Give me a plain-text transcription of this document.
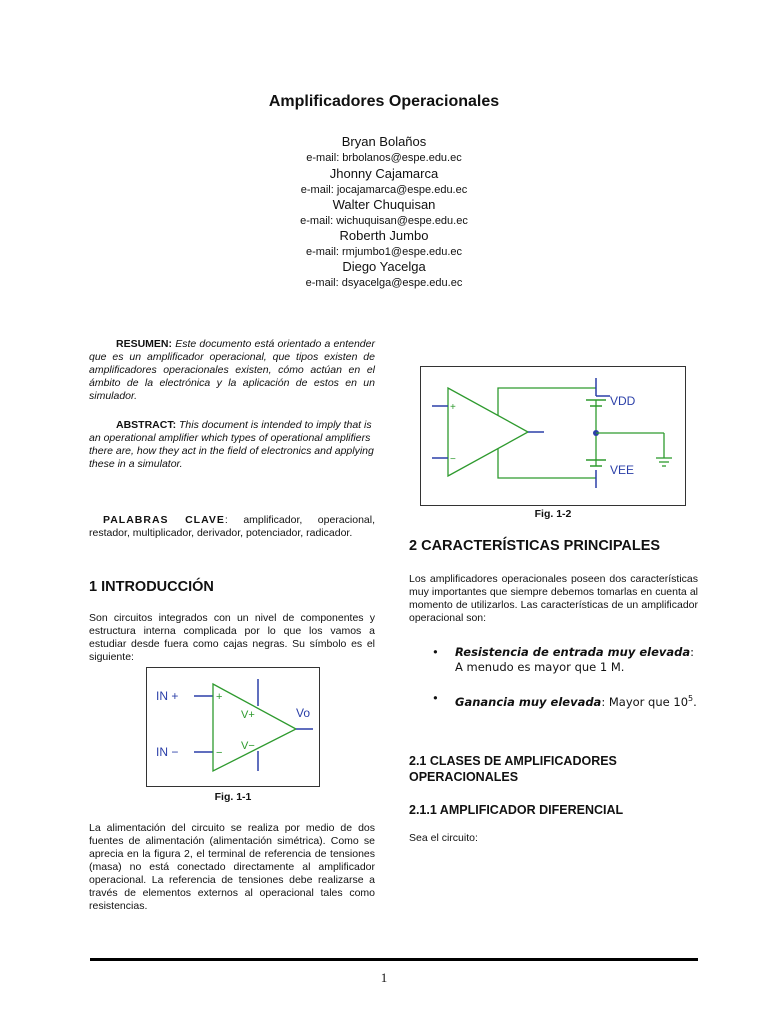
Amplificadores Operacionales
Bryan Bolaños
e-mail: brbolanos@espe.edu.ec
Jhonny Cajamarca
e-mail: jocajamarca@espe.edu.ec
Walter Chuquisan
e-mail: wichuquisan@espe.edu.ec
Roberth Jumbo
e-mail: rmjumbo1@espe.edu.ec
Diego Yacelga
e-mail: dsyacelga@espe.edu.ec
RESUMEN: Este documento está orientado a entender que es un amplificador operacional, que tipos existen de amplificadores operacionales existen, cómo actúan en el ámbito de la electrónica y la aplicación de estos en un simulador.
ABSTRACT: This document is intended to imply that is an operational amplifier which types of operational amplifiers there are, how they act in the field of electronics and applying these in a simulator.
PALABRAS CLAVE: amplificador, operacional, restador, multiplicador, derivador, potenciador, radicador.
1 INTRODUCCIÓN
Son circuitos integrados con un nivel de componentes y estructura interna complicada por lo que los vamos a estudiar desde fuera como cajas negras. Su símbolo es el siguiente:
IN +
IN −
+
−
V+
V−
Vo
Fig. 1-1
La alimentación del circuito se realiza por medio de dos fuentes de alimentación (alimentación simétrica). Como se aprecia en la figura 2, el terminal de referencia de tensiones (masa) no está conectado directamente al amplificador operacional. La referencia de tensiones debe realizarse a través de elementos externos al operacional tales como resistencias.
+
−
VDD
VEE
Fig. 1-2
2 CARACTERÍSTICAS PRINCIPALES
Los amplificadores operacionales poseen dos características muy importantes que siempre debemos tomarlas en cuenta al momento de utilizarlos. Las características de un amplificador operacional son:
• Resistencia de entrada muy elevada: A menudo es mayor que 1 M.
• Ganancia muy elevada: Mayor que $10^5$.
2.1 CLASES DE AMPLIFICADORES OPERACIONALES
2.1.1 AMPLIFICADOR DIFERENCIAL
Sea el circuito:
1
